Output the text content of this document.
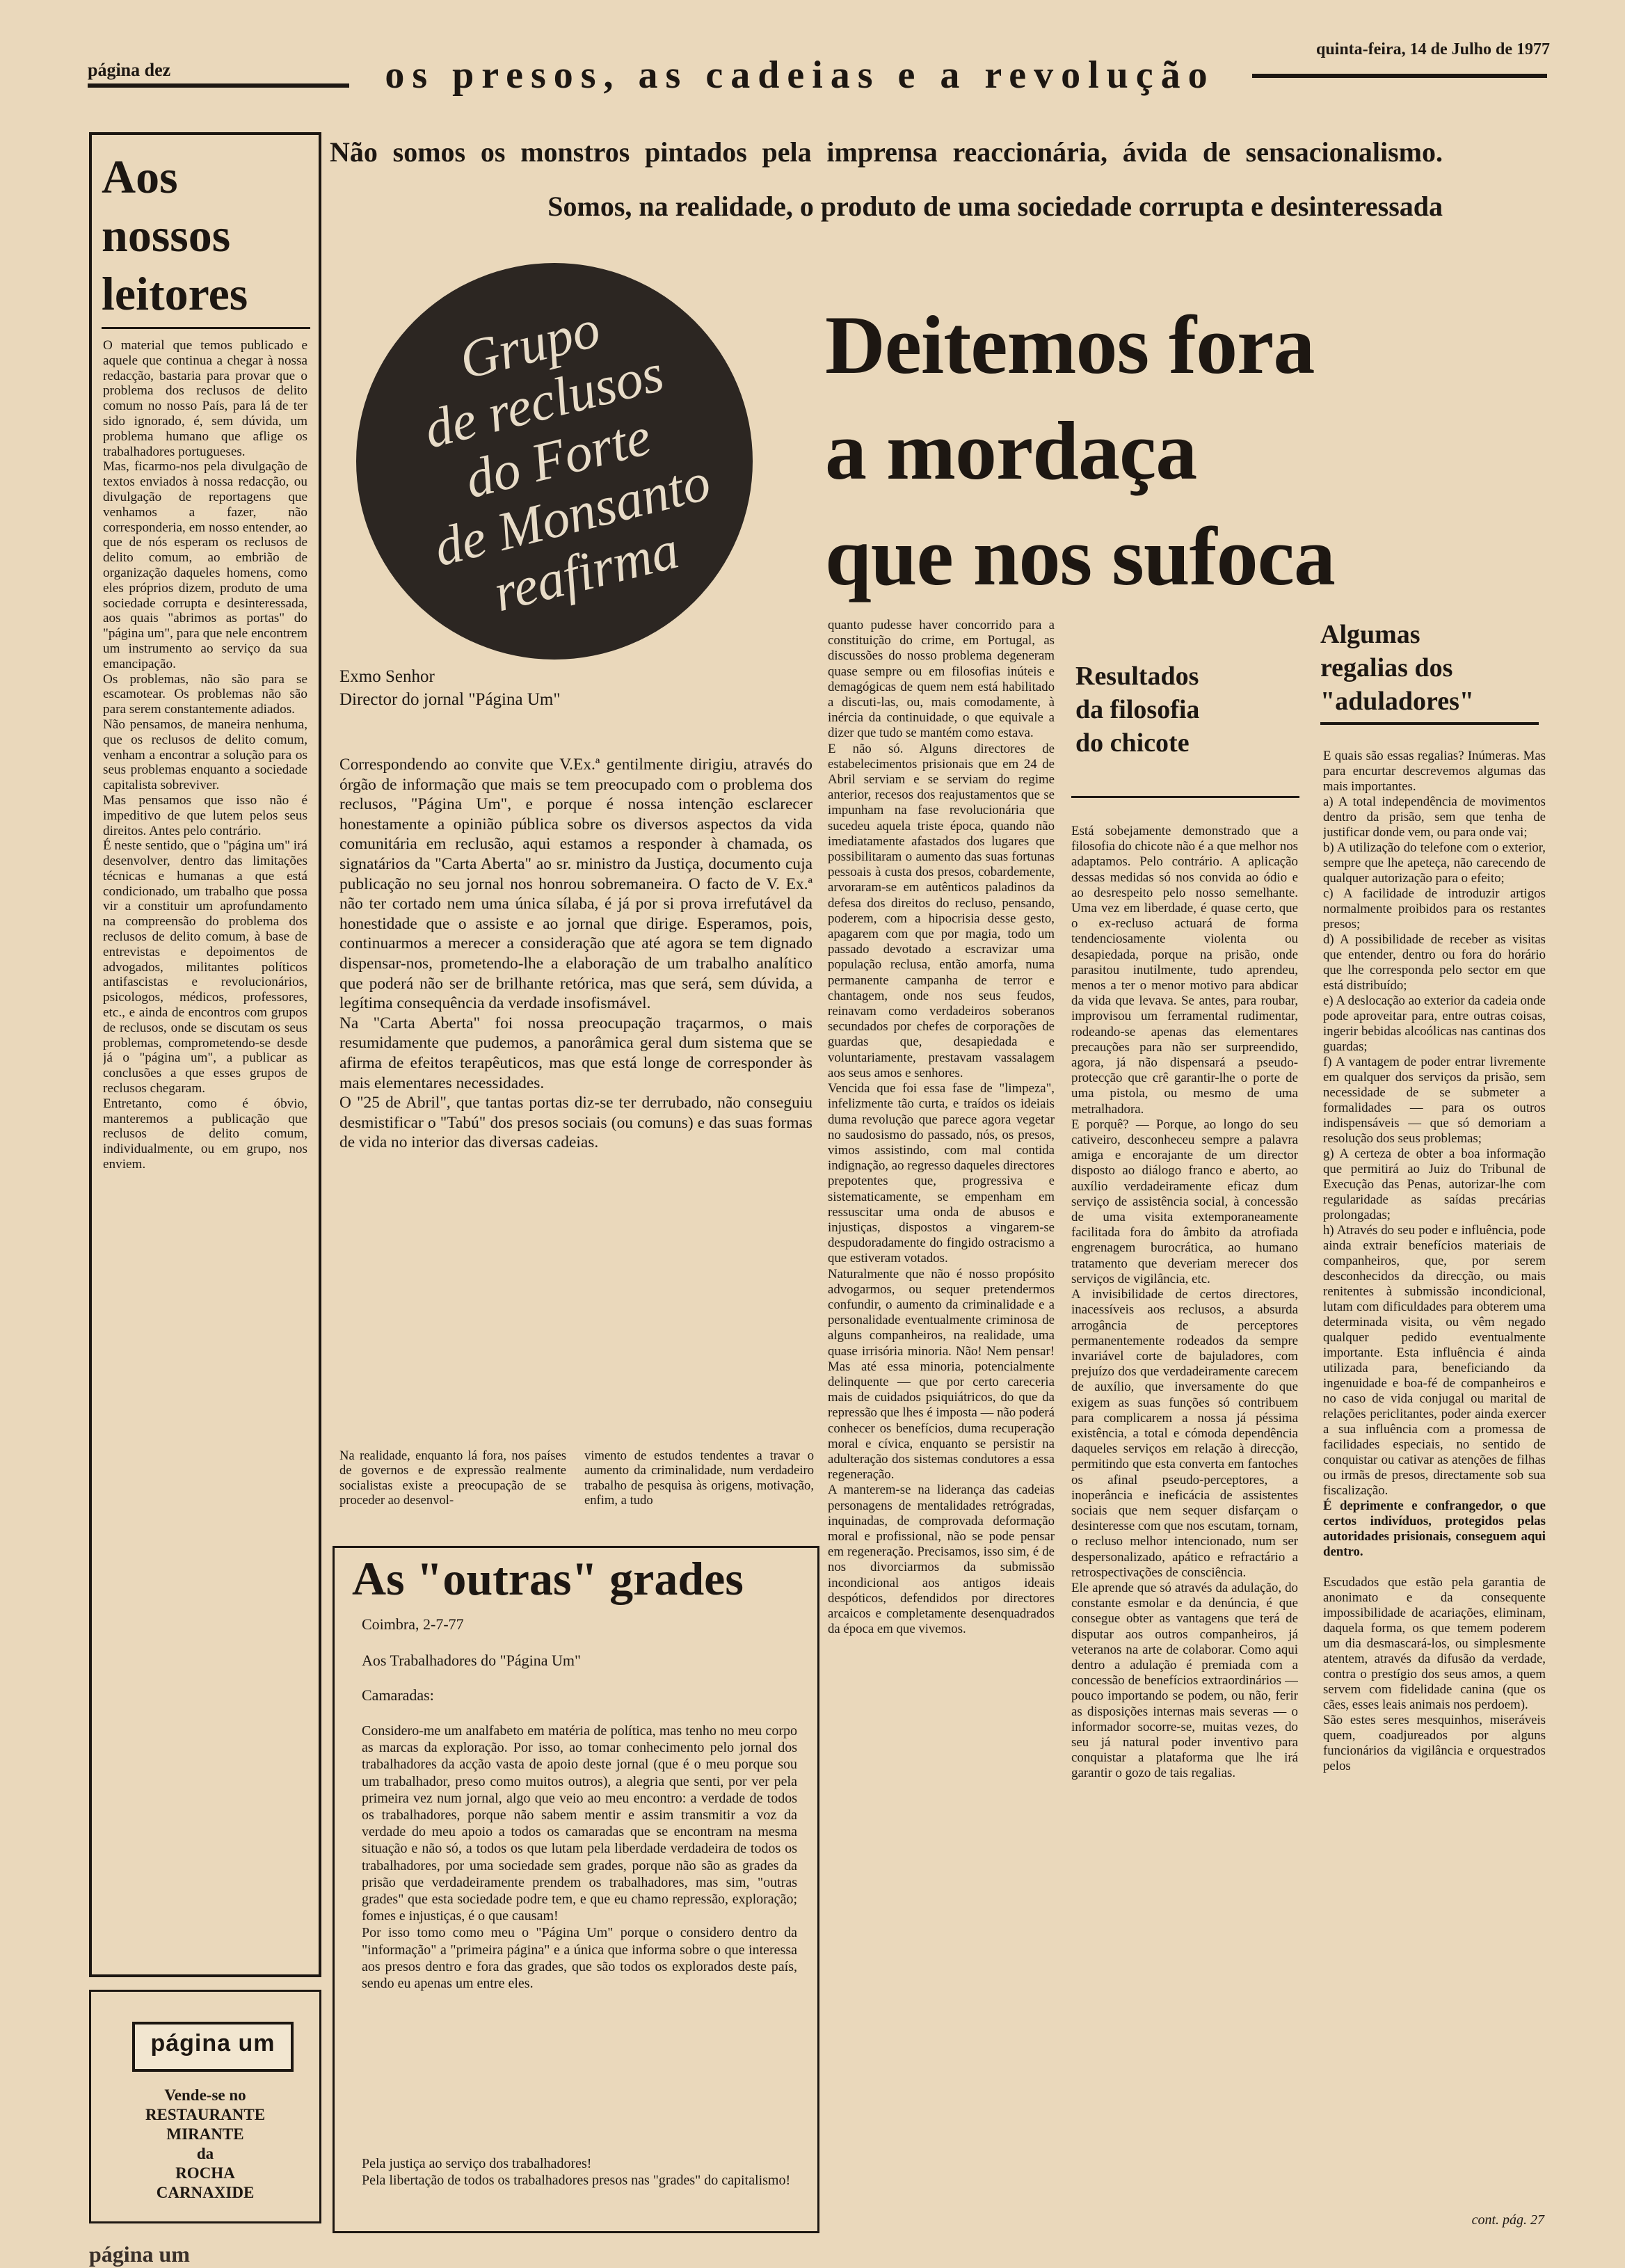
página dez	os presos, as cadeias e a revolução
quinta-feira, 14 de Julho de 1977
Aos
nossos
leitores
O material que temos publicado e aquele que continua a chegar à nossa redacção, bastaria para provar que o problema dos reclusos de delito comum no nosso País, para lá de ter sido ignorado, é, sem dúvida, um problema humano que aflige os trabalhadores portugueses.
Mas, ficarmo-nos pela divulgação de textos enviados à nossa redacção, ou divulgação de reportagens que venhamos a fazer, não corresponderia, em nosso entender, ao que de nós esperam os reclusos de delito comum, ao embrião de organização daqueles homens, como eles próprios dizem, produto de uma sociedade corrupta e desinteressada, aos quais "abrimos as portas" do "página um", para que nele encontrem um instrumento ao serviço da sua emancipação.
Os problemas, não são para se escamotear. Os problemas não são para serem constantemente adiados.
Não pensamos, de maneira nenhuma, que os reclusos de delito comum, venham a encontrar a solução para os seus problemas enquanto a sociedade capitalista sobreviver.
Mas pensamos que isso não é impeditivo de que lutem pelos seus direitos. Antes pelo contrário.
É neste sentido, que o "página um" irá desenvolver, dentro das limitações técnicas e humanas a que está condicionado, um trabalho que possa vir a constituir um aprofundamento na compreensão do problema dos reclusos de delito comum, à base de entrevistas e depoimentos de advogados, militantes políticos antifascistas e revolucionários, psicologos, médicos, professores, etc., e ainda de encontros com grupos de reclusos, onde se discutam os seus problemas, comprometendo-se desde já o "página um", a publicar as conclusões a que esses grupos de reclusos chegaram.
Entretanto, como é óbvio, manteremos a publicação que reclusos de delito comum, individualmente, ou em grupo, nos enviem.
página um
Vende-se no
RESTAURANTE
MIRANTE
da
ROCHA
CARNAXIDE
Não somos os monstros pintados pela imprensa reaccionária, ávida de sensacionalismo. Somos, na realidade, o produto de uma sociedade corrupta e desinteressada
Grupo
de reclusos
do Forte
de Monsanto
reafirma
Deitemos fora
a mordaça
que nos sufoca
Exmo Senhor
Director do jornal "Página Um"
Correspondendo ao convite que V.Ex.ª gentilmente dirigiu, através do órgão de informação que mais se tem preocupado com o problema dos reclusos, "Página Um", e porque é nossa intenção esclarecer honestamente a opinião pública sobre os diversos aspectos da vida comunitária em reclusão, aqui estamos a responder à chamada, os signatários da "Carta Aberta" ao sr. ministro da Justiça, documento cuja publicação no seu jornal nos honrou sobremaneira. O facto de V. Ex.ª não ter cortado nem uma única sílaba, é já por si prova irrefutável da honestidade que o assiste e ao jornal que dirige. Esperamos, pois, continuarmos a merecer a consideração que até agora se tem dignado dispensar-nos, prometendo-lhe a elaboração de um trabalho analítico que poderá não ser de brilhante retórica, mas que será, sem dúvida, a legítima consequência da verdade insofismável.
Na "Carta Aberta" foi nossa preocupação traçarmos, o mais resumidamente que pudemos, a panorâmica geral dum sistema que se afirma de efeitos terapêuticos, mas que está longe de corresponder às mais elementares necessidades.
O "25 de Abril", que tantas portas diz-se ter derrubado, não conseguiu desmistificar o "Tabú" dos presos sociais (ou comuns) e das suas formas de vida no interior das diversas cadeias.
Na realidade, enquanto lá fora, nos países de governos e de expressão realmente socialistas existe a preocupação de se proceder ao desenvol-
vimento de estudos tendentes a travar o aumento da criminalidade, num verdadeiro trabalho de pesquisa às origens, motivação, enfim, a tudo
As "outras" grades
Coimbra, 2-7-77
Aos Trabalhadores do "Página Um"
Camaradas:
Considero-me um analfabeto em matéria de política, mas tenho no meu corpo as marcas da exploração. Por isso, ao tomar conhecimento pelo jornal dos trabalhadores da acção vasta de apoio deste jornal (que é o meu porque sou um trabalhador, preso como muitos outros), a alegria que senti, por ver pela primeira vez num jornal, algo que veio ao meu encontro: a verdade de todos os trabalhadores, porque não sabem mentir e assim transmitir a voz da verdade do meu apoio a todos os camaradas que se encontram na mesma situação e não só, a todos os que lutam pela liberdade verdadeira de todos os trabalhadores, por uma sociedade sem grades, porque não são as grades da prisão que verdadeiramente prendem os trabalhadores, mas sim, "outras grades" que esta sociedade podre tem, e que eu chamo repressão, exploração; fomes e injustiças, é o que causam!
Por isso tomo como meu o "Página Um" porque o considero dentro da "informação" a "primeira página" e a única que informa sobre o que interessa aos presos dentro e fora das grades, que são todos os explorados deste país, sendo eu apenas um entre eles.
Pela justiça ao serviço dos trabalhadores!
Pela libertação de todos os trabalhadores presos nas "grades" do capitalismo!
quanto pudesse haver concorrido para a constituição do crime, em Portugal, as discussões do nosso problema degeneram quase sempre ou em filosofias inúteis e demagógicas de quem nem está habilitado a discuti-las, ou, mais comodamente, à inércia da continuidade, o que equivale a dizer que tudo se mantém como estava.
E não só. Alguns directores de estabelecimentos prisionais que em 24 de Abril serviam e se serviam do regime anterior, recesos dos reajustamentos que se impunham na fase revolucionária que sucedeu aquela triste época, quando não imediatamente afastados dos lugares que possibilitaram o aumento das suas fortunas pessoais à custa dos presos, cobardemente, arvoraram-se em autênticos paladinos da defesa dos direitos do recluso, pensando, poderem, com a hipocrisia desse gesto, apagarem com que por magia, todo um passado devotado a escravizar uma população reclusa, então amorfa, numa permanente campanha de terror e chantagem, onde nos seus feudos, reinavam como verdadeiros soberanos secundados por chefes de corporações de guardas que, desapiedada e voluntariamente, prestavam vassalagem aos seus amos e senhores.
Vencida que foi essa fase de "limpeza", infelizmente tão curta, e traídos os ideiais duma revolução que parece agora vegetar no saudosismo do passado, nós, os presos, vimos assistindo, com mal contida indignação, ao regresso daqueles directores prepotentes que, progressiva e sistematicamente, se empenham em ressuscitar uma onda de abusos e injustiças, dispostos a vingarem-se despudoradamente do fingido ostracismo a que estiveram votados.
Naturalmente que não é nosso propósito advogarmos, ou sequer pretendermos confundir, o aumento da criminalidade e a personalidade eventualmente criminosa de alguns companheiros, na realidade, uma quase irrisória minoria. Não! Nem pensar! Mas até essa minoria, potencialmente delinquente — que por certo careceria mais de cuidados psiquiátricos, do que da repressão que lhes é imposta — não poderá conhecer os benefícios, duma recuperação moral e cívica, enquanto se persistir na adulteração dos sistemas condutores a essa regeneração.
A manterem-se na liderança das cadeias personagens de mentalidades retrógradas, inquinadas, de comprovada deformação moral e profissional, não se pode pensar em regeneração. Precisamos, isso sim, é de nos divorciarmos da submissão incondicional aos antigos ideais despóticos, defendidos por directores arcaicos e completamente desenquadrados da época em que vivemos.
Resultados
da filosofia
do chicote
Está sobejamente demonstrado que a filosofia do chicote não é a que melhor nos adaptamos. Pelo contrário. A aplicação dessas medidas só nos convida ao ódio e ao desrespeito pelo nosso semelhante. Uma vez em liberdade, é quase certo, que o ex-recluso actuará de forma tendenciosamente violenta ou desapiedada, porque na prisão, onde parasitou inutilmente, tudo aprendeu, menos a ter o menor motivo para abdicar da vida que levava. Se antes, para roubar, improvisou um ferramental rudimentar, rodeando-se apenas das elementares precauções para não ser surpreendido, agora, já não dispensará a pseudo-protecção que crê garantir-lhe o porte de uma pistola, ou mesmo de uma metralhadora.
E porquê? — Porque, ao longo do seu cativeiro, desconheceu sempre a palavra amiga e encorajante de um director disposto ao diálogo franco e aberto, ao auxílio verdadeiramente eficaz dum serviço de assistência social, à concessão de uma visita extemporaneamente facilitada fora do âmbito da atrofiada engrenagem burocrática, ao humano tratamento que deveriam merecer dos serviços de vigilância, etc.
A invisibilidade de certos directores, inacessíveis aos reclusos, a absurda arrogância de perceptores permanentemente rodeados da sempre invariável corte de bajuladores, com prejuízo dos que verdadeiramente carecem de auxílio, que inversamente do que exigem as suas funções só contribuem para complicarem a nossa já péssima existência, a total e cómoda dependência daqueles serviços em relação à direcção, permitindo que esta converta em fantoches os afinal pseudo-perceptores, a inoperância e ineficácia de assistentes sociais que nem sequer disfarçam o desinteresse com que nos escutam, tornam, o recluso melhor intencionado, num ser despersonalizado, apático e refractário a retrospectivações de consciência.
Ele aprende que só através da adulação, do constante esmolar e da denúncia, é que consegue obter as vantagens que terá de disputar aos outros companheiros, já veteranos na arte de colaborar. Como aqui dentro a adulação é premiada com a concessão de benefícios extraordinários — pouco importando se podem, ou não, ferir as disposições internas mais severas — o informador socorre-se, muitas vezes, do seu já natural poder inventivo para conquistar a plataforma que lhe irá garantir o gozo de tais regalias.
Algumas
regalias dos
"aduladores"

E quais são essas regalias? Inúmeras. Mas para encurtar descrevemos algumas das mais importantes.
a) A total independência de movimentos dentro da prisão, sem que tenha de justificar donde vem, ou para onde vai;
b) A utilização do telefone com o exterior, sempre que lhe apeteça, não carecendo de qualquer autorização para o efeito;
c) A facilidade de introduzir artigos normalmente proibidos para os restantes presos;
d) A possibilidade de receber as visitas que entender, dentro ou fora do horário que lhe corresponda pelo sector em que está distribuído;
e) A deslocação ao exterior da cadeia onde pode aproveitar para, entre outras coisas, ingerir bebidas alcoólicas nas cantinas dos guardas;
f) A vantagem de poder entrar livremente em qualquer dos serviços da prisão, sem necessidade de se submeter a formalidades — para os outros indispensáveis — que só demoriam a resolução dos seus problemas;
g) A certeza de obter a boa informação que permitirá ao Juiz do Tribunal de Execução das Penas, autorizar-lhe com regularidade as saídas precárias prolongadas;
h) Através do seu poder e influência, pode ainda extrair benefícios materiais de companheiros, que, por serem desconhecidos da direcção, ou mais renitentes à submissão incondicional, lutam com dificuldades para obterem uma determinada visita, ou vêm negado qualquer pedido eventualmente importante. Esta influência é ainda utilizada para, beneficiando da ingenuidade e boa-fé de companheiros e no caso de vida conjugal ou marital de relações periclitantes, poder ainda exercer a sua influência com a promessa de facilidades especiais, no sentido de conquistar ou cativar as atenções de filhas ou irmãs de presos, directamente sob sua fiscalização.

É deprimente e confrangedor, o que certos indivíduos, protegidos pelas autoridades prisionais, conseguem aqui dentro.

Escudados que estão pela garantia de anonimato e da consequente impossibilidade de acariações, eliminam, daquela forma, os que temem poderem um dia desmascará-los, ou simplesmente atentem, através da difusão da verdade, contra o prestígio dos seus amos, a quem servem com fidelidade canina (que os cães, esses leais animais nos perdoem).
São estes seres mesquinhos, miseráveis quem, coadjureados por alguns funcionários da vigilância e orquestrados pelos

cont. pág. 27
página um
